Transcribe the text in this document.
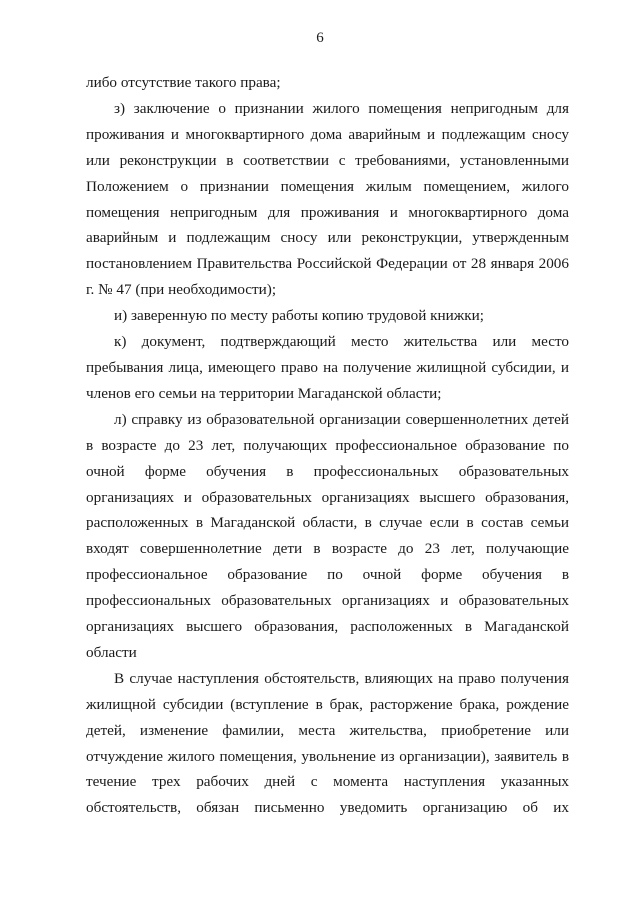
6

либо отсутствие такого права;

з) заключение о признании жилого помещения непригодным для проживания и многоквартирного дома аварийным и подлежащим сносу или реконструкции в соответствии с требованиями, установленными Положением о признании помещения жилым помещением, жилого помещения непригодным для проживания и многоквартирного дома аварийным и подлежащим сносу или реконструкции, утвержденным постановлением Правительства Российской Федерации от 28 января 2006 г. № 47 (при необходимости);

и) заверенную по месту работы копию трудовой книжки;

к) документ, подтверждающий место жительства или место пребывания лица, имеющего право на получение жилищной субсидии, и членов его семьи на территории Магаданской области;

л) справку из образовательной организации совершеннолетних детей в возрасте до 23 лет, получающих профессиональное образование по очной форме обучения в профессиональных образовательных организациях и образовательных организациях высшего образования, расположенных в Магаданской области, в случае если в состав семьи входят совершеннолетние дети в возрасте до 23 лет, получающие профессиональное образование по очной форме обучения в профессиональных образовательных организациях и образовательных организациях высшего образования, расположенных в Магаданской области

В случае наступления обстоятельств, влияющих на право получения жилищной субсидии (вступление в брак, расторжение брака, рождение детей, изменение фамилии, места жительства, приобретение или отчуждение жилого помещения, увольнение из организации), заявитель в течение трех рабочих дней с момента наступления указанных обстоятельств, обязан письменно уведомить организацию об их
